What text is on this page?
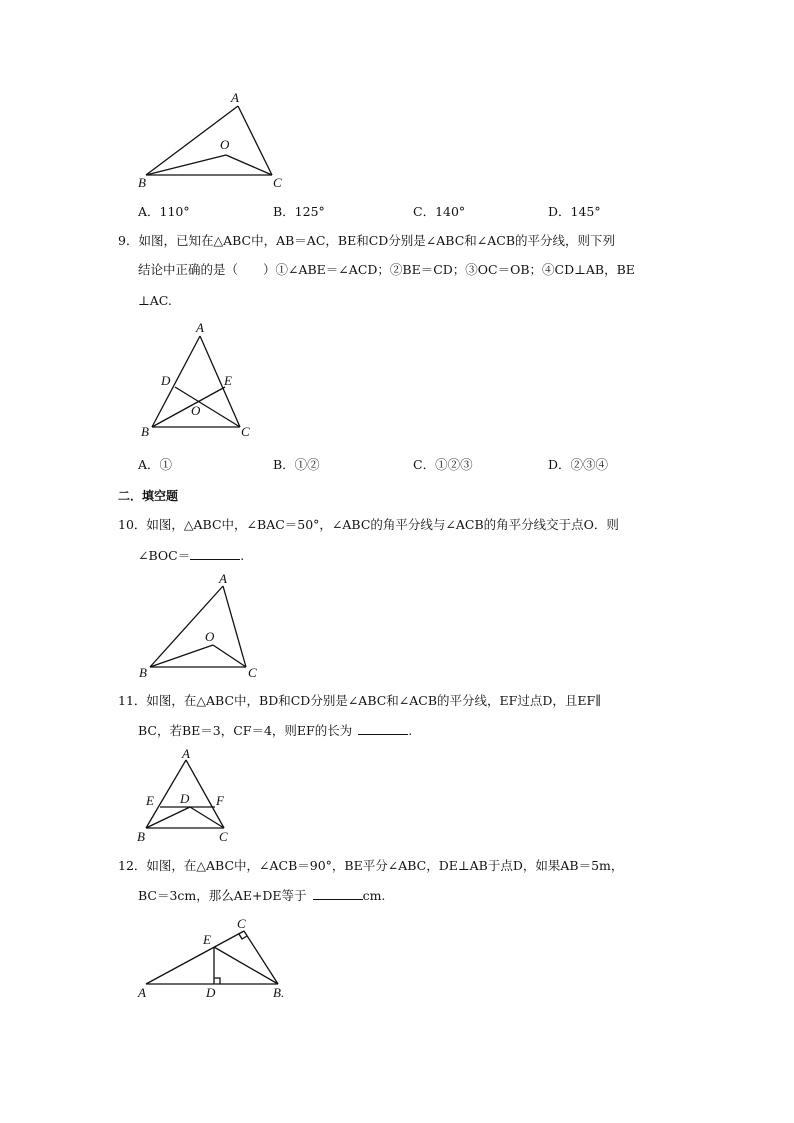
A
O
B	C
A．110°	B．125°	C．140°	D．145°
9．如图，已知在△ABC中，AB＝AC，BE和CD分别是∠ABC和∠ACB的平分线，则下列
结论中正确的是（　　）①∠ABE＝∠ACD；②BE＝CD；③OC＝OB；④CD⊥AB，BE
⊥AC.
A
D	E
O
B	C
A．①	B．①②	C．①②③	D．②③④
二．填空题
10．如图，△ABC中，∠BAC＝50°，∠ABC的角平分线与∠ACB的角平分线交于点O．则
∠BOC＝	.
A
O
B	C
11．如图，在△ABC中，BD和CD分别是∠ABC和∠ACB的平分线，EF过点D，且EF∥
BC，若BE＝3，CF＝4，则EF的长为	.
A
E D F
B	C
12．如图，在△ABC中，∠ACB＝90°，BE平分∠ABC，DE⊥AB于点D，如果AB＝5m，
BC＝3cm，那么AE+DE等于	cm.
C
E
A	D	B.
